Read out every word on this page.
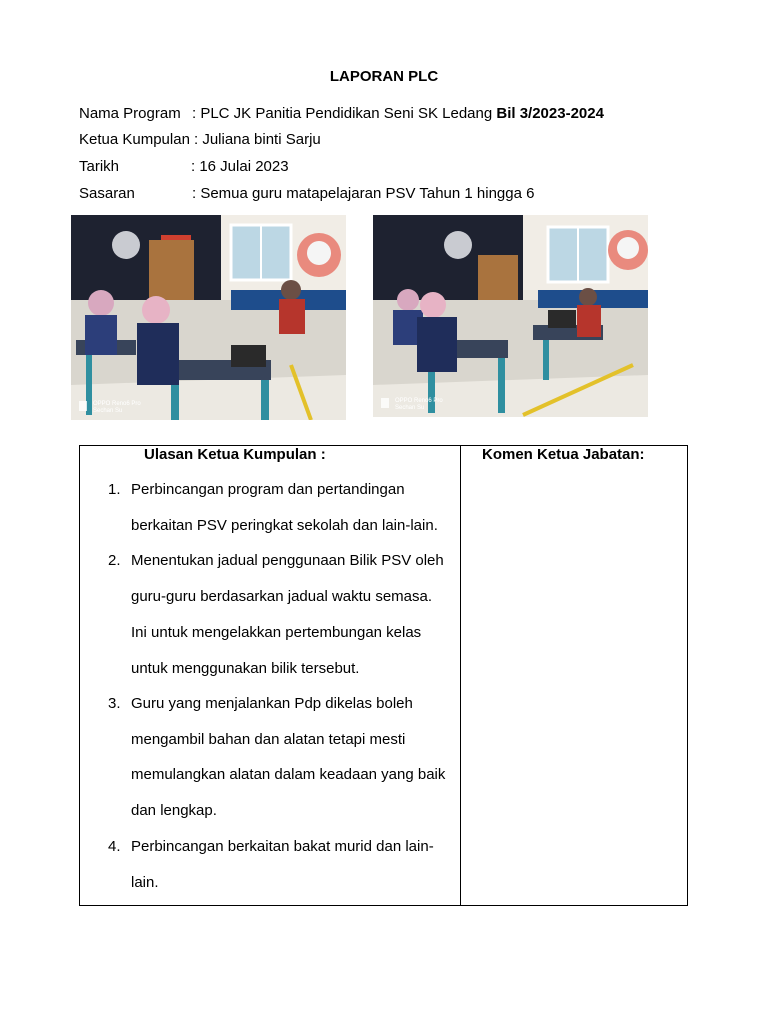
LAPORAN PLC
Nama Program : PLC JK Panitia Pendidikan Seni SK Ledang Bil 3/2023-2024
Ketua Kumpulan : Juliana binti Sarju
Tarikh	: 16 Julai 2023
Sasaran	: Semua guru matapelajaran PSV Tahun 1 hingga 6
OPPO Reno6 Pro
Sechan Su
OPPO Reno6 Pro
Sechan Su
Ulasan Ketua Kumpulan :	Komen Ketua Jabatan:
1. Perbincangan program dan pertandingan
berkaitan PSV peringkat sekolah dan lain-lain.
2. Menentukan jadual penggunaan Bilik PSV oleh
guru-guru berdasarkan jadual waktu semasa.
Ini untuk mengelakkan pertembungan kelas
untuk menggunakan bilik tersebut.
3. Guru yang menjalankan Pdp dikelas boleh
mengambil bahan dan alatan tetapi mesti
memulangkan alatan dalam keadaan yang baik
dan lengkap.
4. Perbincangan berkaitan bakat murid dan lain-
lain.
